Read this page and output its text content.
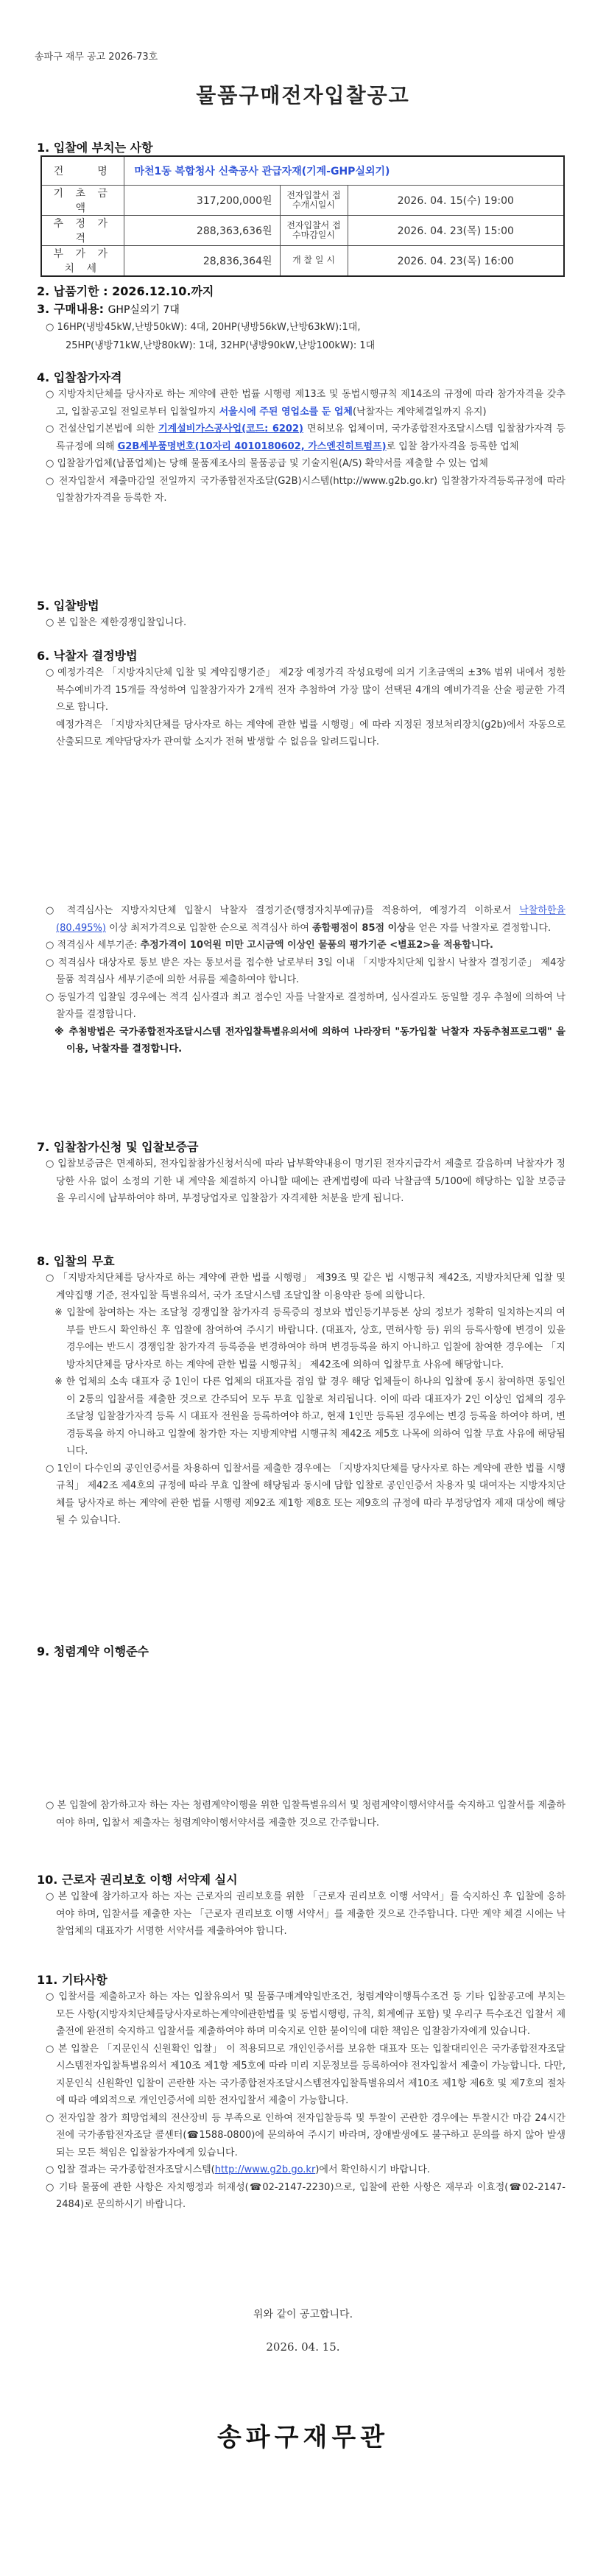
송파구 재무 공고 2026-73호
물품구매전자입찰공고
1. 입찰에 부치는 사항
건　　명	마천1동 복합청사 신축공사 관급자재(기계-GHP실외기)		
기 초 금 액	317,200,000원	전자입찰서 접수개시일시	2026. 04. 15(수) 19:00
추 정 가 격	288,363,636원	전자입찰서 접수마감일시	2026. 04. 23(목) 15:00
부 가 가 치 세	28,836,364원	개 찰 일 시	2026. 04. 23(목) 16:00
2. 납품기한 : 2026.12.10.까지
3. 구매내용: GHP실외기 7대
○ 16HP(냉방45kW,난방50kW): 4대, 20HP(냉방56kW,난방63kW):1대,
25HP(냉방71kW,난방80kW): 1대, 32HP(냉방90kW,난방100kW): 1대
4. 입찰참가자격
○ 지방자치단체를 당사자로 하는 계약에 관한 법률 시행령 제13조 및 동법시행규칙 제14조의 규정에 따라 참가자격을 갖추고, 입찰공고일 전일로부터 입찰일까지 서울시에 주된 영업소를 둔 업체(낙찰자는 계약체결일까지 유지)
○ 건설산업기본법에 의한 기계설비가스공사업(코드: 6202) 면허보유 업체이며, 국가종합전자조달시스템 입찰참가자격 등록규정에 의해 G2B세부품명번호(10자리 4010180602, 가스엔진히트펌프)로 입찰 참가자격을 등록한 업체
○ 입찰참가업체(납품업체)는 당해 물품제조사의 물품공급 및 기술지원(A/S) 확약서를 제출할 수 있는 업체
○ 전자입찰서 제출마감일 전일까지 국가종합전자조달(G2B)시스템(http://www.g2b.go.kr) 입찰참가자격등록규정에 따라 입찰참가자격을 등록한 자.
5. 입찰방법
○ 본 입찰은 제한경쟁입찰입니다.
6. 낙찰자 결정방법
○ 예정가격은 「지방자치단체 입찰 및 계약집행기준」 제2장 예정가격 작성요령에 의거 기초금액의 ±3% 범위 내에서 정한 복수예비가격 15개를 작성하여 입찰참가자가 2개씩 전자 추첨하여 가장 많이 선택된 4개의 예비가격을 산술 평균한 가격으로 합니다.
예정가격은 「지방자치단체를 당사자로 하는 계약에 관한 법률 시행령」에 따라 지정된 정보처리장치(g2b)에서 자동으로 산출되므로 계약담당자가 관여할 소지가 전혀 발생할 수 없음을 알려드립니다.
○ 적격심사는 지방자치단체 입찰시 낙찰자 결정기준(행정자치부예규)를 적용하여, 예정가격 이하로서 낙찰하한율(80.495%) 이상 최저가격으로 입찰한 순으로 적격심사 하여 종합평점이 85점 이상을 얻은 자를 낙찰자로 결정합니다.
○ 적격심사 세부기준: 추정가격이 10억원 미만 고시금액 이상인 물품의 평가기준 <별표2>을 적용합니다.
○ 적격심사 대상자로 통보 받은 자는 통보서를 접수한 날로부터 3일 이내 「지방자치단체 입찰시 낙찰자 결정기준」 제4장 물품 적격심사 세부기준에 의한 서류를 제출하여야 합니다.
○ 동일가격 입찰일 경우에는 적격 심사결과 최고 점수인 자를 낙찰자로 결정하며, 심사결과도 동일할 경우 추첨에 의하여 낙찰자를 결정합니다.
※ 추첨방법은 국가종합전자조달시스템 전자입찰특별유의서에 의하여 나라장터 "동가입찰 낙찰자 자동추첨프로그램" 을 이용, 낙찰자를 결정합니다.
7. 입찰참가신청 및 입찰보증금
○ 입찰보증금은 면제하되, 전자입찰참가신청서식에 따라 납부확약내용이 명기된 전자지급각서 제출로 갈음하며 낙찰자가 정당한 사유 없이 소정의 기한 내 계약을 체결하지 아니할 때에는 관계법령에 따라 낙찰금액 5/100에 해당하는 입찰 보증금을 우리시에 납부하여야 하며, 부정당업자로 입찰참가 자격제한 처분을 받게 됩니다.
8. 입찰의 무효
○ 「지방자치단체를 당사자로 하는 계약에 관한 법률 시행령」 제39조 및 같은 법 시행규칙 제42조, 지방자치단체 입찰 및 계약집행 기준, 전자입찰 특별유의서, 국가 조달시스템 조달입찰 이용약관 등에 의합니다.
※ 입찰에 참여하는 자는 조달청 경쟁입찰 참가자격 등록증의 정보와 법인등기부등본 상의 정보가 정확히 일치하는지의 여부를 반드시 확인하신 후 입찰에 참여하여 주시기 바랍니다. (대표자, 상호, 면허사항 등) 위의 등록사항에 변경이 있을 경우에는 반드시 경쟁입찰 참가자격 등록증을 변경하여야 하며 변경등록을 하지 아니하고 입찰에 참여한 경우에는 「지방자치단체를 당사자로 하는 계약에 관한 법률 시행규칙」 제42조에 의하여 입찰무효 사유에 해당합니다.
※ 한 업체의 소속 대표자 중 1인이 다른 업체의 대표자를 겸임 할 경우 해당 업체들이 하나의 입찰에 동시 참여하면 동일인이 2통의 입찰서를 제출한 것으로 간주되어 모두 무효 입찰로 처리됩니다. 이에 따라 대표자가 2인 이상인 업체의 경우 조달청 입찰참가자격 등록 시 대표자 전원을 등록하여야 하고, 현재 1인만 등록된 경우에는 변경 등록을 하여야 하며, 변경등록을 하지 아니하고 입찰에 참가한 자는 지방계약법 시행규칙 제42조 제5호 나목에 의하여 입찰 무효 사유에 해당됩니다.
○ 1인이 다수인의 공인인증서를 차용하여 입찰서를 제출한 경우에는 「지방자치단체를 당사자로 하는 계약에 관한 법률 시행규칙」 제42조 제4호의 규정에 따라 무효 입찰에 해당됨과 동시에 담합 입찰로 공인인증서 차용자 및 대여자는 지방자치단체를 당사자로 하는 계약에 관한 법률 시행령 제92조 제1항 제8호 또는 제9호의 규정에 따라 부정당업자 제재 대상에 해당될 수 있습니다.
9. 청렴계약 이행준수
○ 본 입찰에 참가하고자 하는 자는 청렴계약이행을 위한 입찰특별유의서 및 청렴계약이행서약서를 숙지하고 입찰서를 제출하여야 하며, 입찰서 제출자는 청렴계약이행서약서를 제출한 것으로 간주합니다.
10. 근로자 권리보호 이행 서약제 실시
○ 본 입찰에 참가하고자 하는 자는 근로자의 권리보호를 위한 「근로자 권리보호 이행 서약서」를 숙지하신 후 입찰에 응하여야 하며, 입찰서를 제출한 자는 「근로자 권리보호 이행 서약서」를 제출한 것으로 간주합니다. 다만 계약 체결 시에는 낙찰업체의 대표자가 서명한 서약서를 제출하여야 합니다.
11. 기타사항
○ 입찰서를 제출하고자 하는 자는 입찰유의서 및 물품구매계약일반조건, 청렴계약이행특수조건 등 기타 입찰공고에 부치는 모든 사항(지방자치단체를당사자로하는계약에관한법률 및 동법시행령, 규칙, 회계예규 포함) 및 우리구 특수조건 입찰서 제출전에 완전히 숙지하고 입찰서를 제출하여야 하며 미숙지로 인한 불이익에 대한 책임은 입찰참가자에게 있습니다.
○ 본 입찰은 「지문인식 신원확인 입찰」 이 적용되므로 개인인증서를 보유한 대표자 또는 입찰대리인은 국가종합전자조달시스템전자입찰특별유의서 제10조 제1항 제5호에 따라 미리 지문정보를 등록하여야 전자입찰서 제출이 가능합니다. 다만, 지문인식 신원확인 입찰이 곤란한 자는 국가종합전자조달시스템전자입찰특별유의서 제10조 제1항 제6호 및 제7호의 절차에 따라 예외적으로 개인인증서에 의한 전자입찰서 제출이 가능합니다.
○ 전자입찰 참가 희망업체의 전산장비 등 부족으로 인하여 전자입찰등록 및 투찰이 곤란한 경우에는 투찰시간 마감 24시간 전에 국가종합전자조달 콜센터(☎1588-0800)에 문의하여 주시기 바라며, 장애발생에도 불구하고 문의를 하지 않아 발생되는 모든 책임은 입찰참가자에게 있습니다.
○ 입찰 결과는 국가종합전자조달시스템(http://www.g2b.go.kr)에서 확인하시기 바랍니다.
○ 기타 물품에 관한 사항은 자치행정과 허재성(☎02-2147-2230)으로, 입찰에 관한 사항은 재무과 이효정(☎02-2147-2484)로 문의하시기 바랍니다.
위와 같이 공고합니다.
2026. 04. 15.
송파구재무관
